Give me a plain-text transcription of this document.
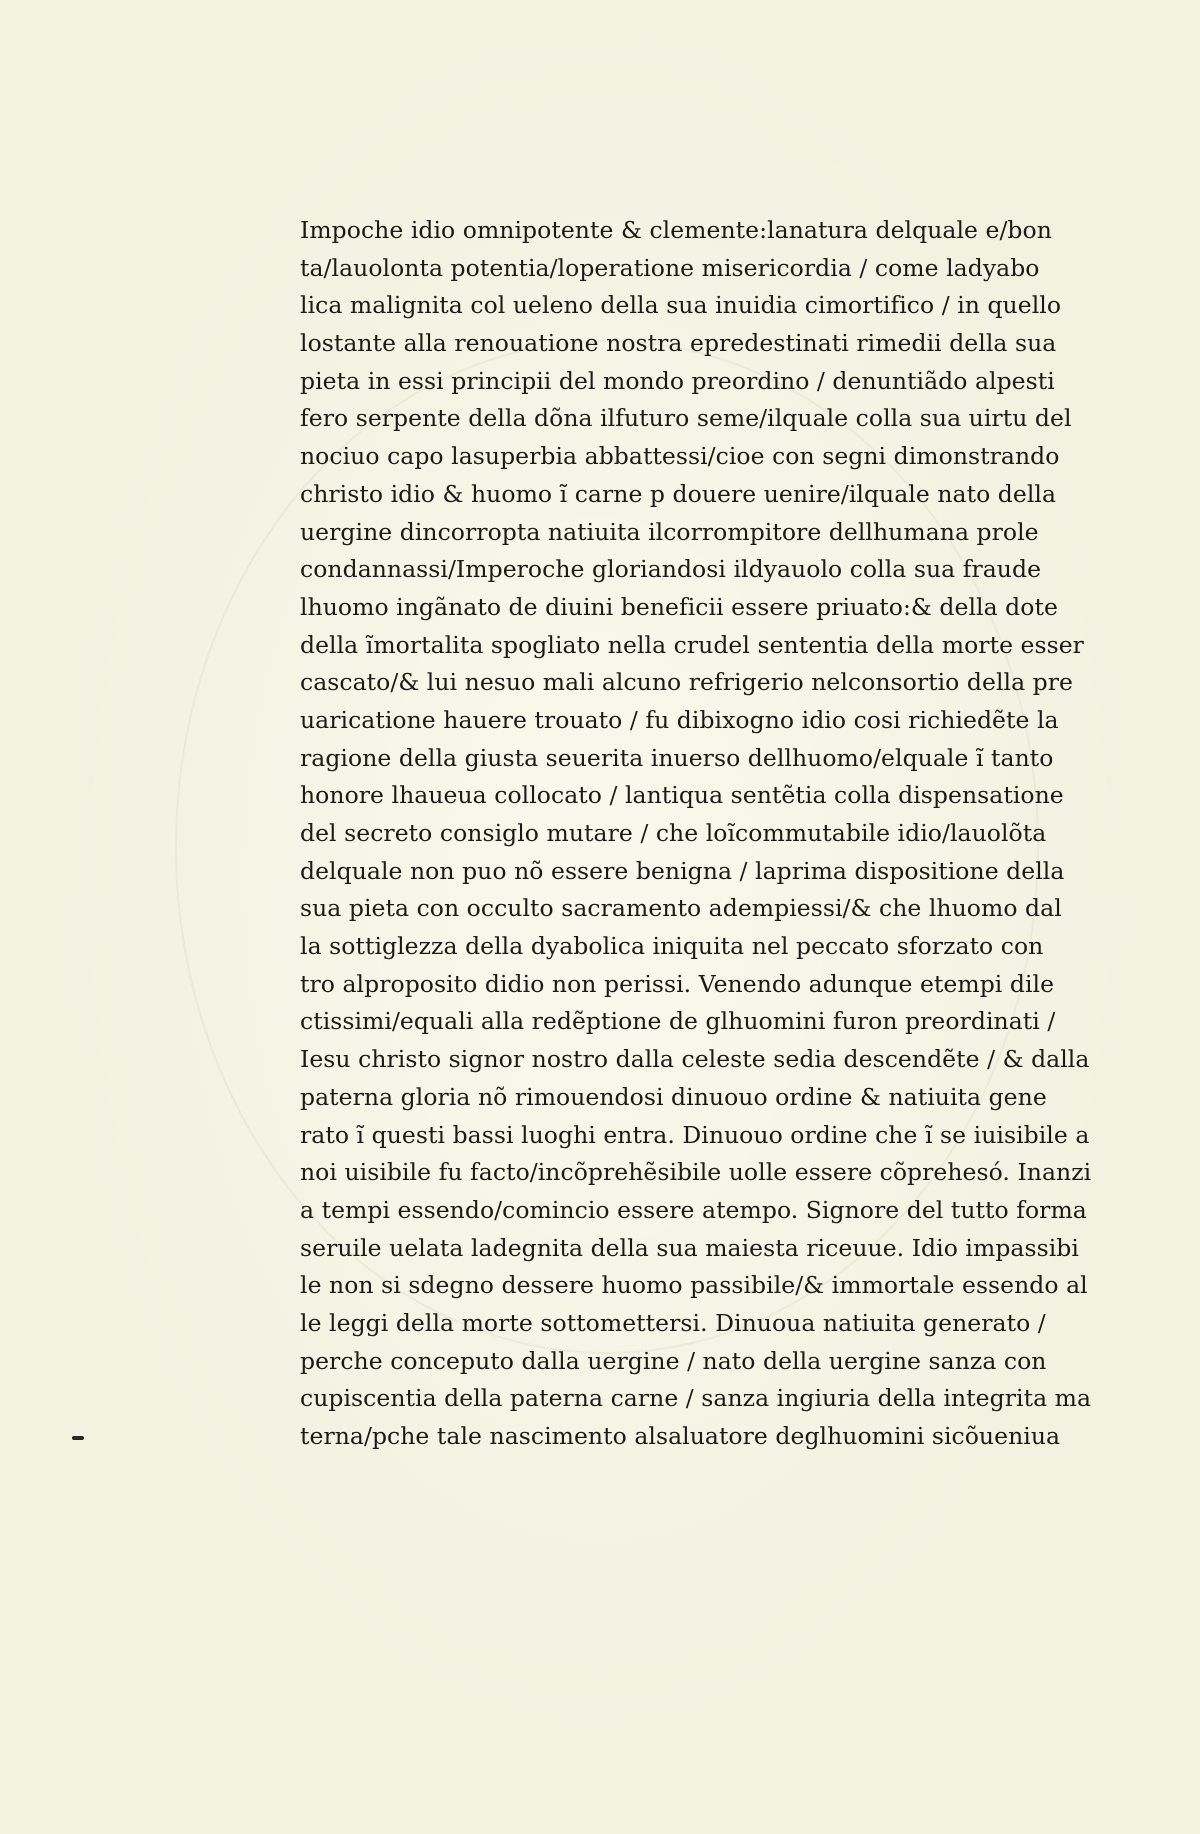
Impoche idio omnipotente & clemente:lanatura delquale e/bon
ta/lauolonta potentia/loperatione misericordia / come ladyabo
lica malignita col ueleno della sua inuidia cimortifico / in quello
lostante alla renouatione nostra epredestinati rimedii della sua
pieta in essi principii del mondo preordino / denuntiãdo alpesti
fero serpente della dõna ilfuturo seme/ilquale colla sua uirtu del
nociuo capo lasuperbia abbattessi/cioe con segni dimonstrando
christo idio & huomo ĩ carne p douere uenire/ilquale nato della
uergine dincorropta natiuita ilcorrompitore dellhumana prole
condannassi/Imperoche gloriandosi ildyauolo colla sua fraude
lhuomo ingãnato de diuini beneficii essere priuato:& della dote
della ĩmortalita spogliato nella crudel sententia della morte esser
cascato/& lui nesuo mali alcuno refrigerio nelconsortio della pre
uaricatione hauere trouato / fu dibixogno idio cosi richiedẽte la
ragione della giusta seuerita inuerso dellhuomo/elquale ĩ tanto
honore lhaueua collocato / lantiqua sentẽtia colla dispensatione
del secreto consiglo mutare / che loĩcommutabile idio/lauolõta
delquale non puo nõ essere benigna / laprima dispositione della
sua pieta con occulto sacramento adempiessi/& che lhuomo dal
la sottiglezza della dyabolica iniquita nel peccato sforzato con
tro alproposito didio non perissi. Venendo adunque etempi dile
ctissimi/equali alla redẽptione de glhuomini furon preordinati /
Iesu christo signor nostro dalla celeste sedia descendẽte / & dalla
paterna gloria nõ rimouendosi dinuouo ordine & natiuita gene
rato ĩ questi bassi luoghi entra. Dinuouo ordine che ĩ se iuisibile a
noi uisibile fu facto/incõprehẽsibile uolle essere cõprehesó. Inanzi
a tempi essendo/comincio essere atempo. Signore del tutto forma
seruile uelata ladegnita della sua maiesta riceuue. Idio impassibi
le non si sdegno dessere huomo passibile/& immortale essendo al
le leggi della morte sottomettersi. Dinuoua natiuita generato /
perche conceputo dalla uergine / nato della uergine sanza con
cupiscentia della paterna carne / sanza ingiuria della integrita ma
terna/pche tale nascimento alsaluatore deglhuomini sicõueniua
